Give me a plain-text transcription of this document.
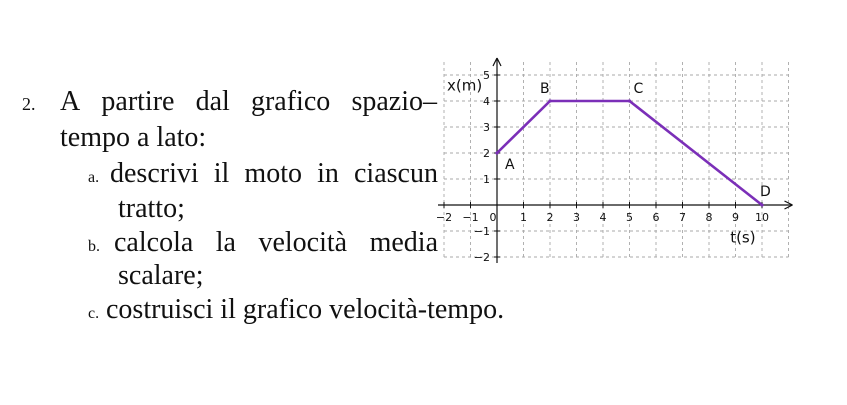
−2 −1 0 1 2 3 4 5 6 7 8 9 10
−2
−1
1
2
3
4
5
x(m)
t(s)
A
B	C
D
2. A partire dal grafico spazio–
tempo a lato:
a. descrivi il moto in ciascun
tratto;
b. calcola la velocità media
scalare;
c. costruisci il grafico velocità-tempo.
